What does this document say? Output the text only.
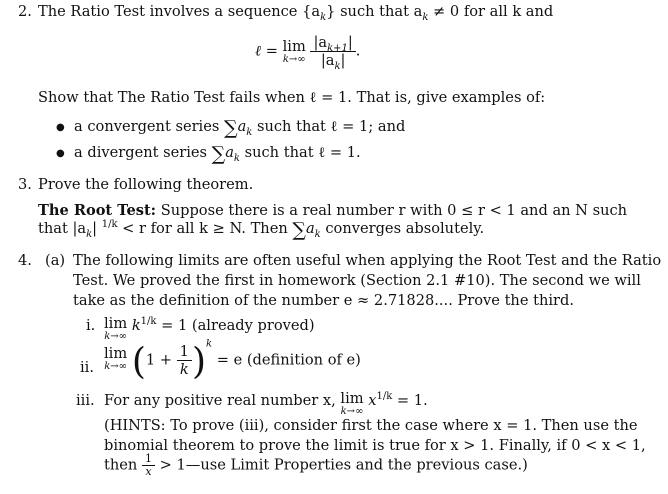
2. The Ratio Test involves a sequence $\{a_k\}$ such that $a_k \ne 0$ for all k and
ℓ = lim
k→∞
$\frac{|a_{k+1}|}{|a_k|}$ .
Show that The Ratio Test fails when ℓ = 1. That is, give examples of:
● a convergent series $\sum a_k$ such that ℓ = 1; and
● a divergent series $\sum a_k$ such that ℓ = 1.
3. Prove the following theorem.
The Root Test: Suppose there is a real number r with 0 ≤ r < 1 and an N such
that $|a_k|$ $^{1/k}$ < r for all k ≥ N. Then $\sum a_k$ converges absolutely.
4. (a) The following limits are often useful when applying the Root Test and the Ratio
Test. We proved the first in homework (Section 2.1 #10). The second we will
take as the definition of the number e ≈ 2.71828.... Prove the third.
i. lim
k→∞
$k^{1/k} = 1$ (already proved)
ii.
lim
k→∞ $(1 + \frac{1}{k} )^k = e$ (definition of e)
iii. For any positive real number x, lim
k→∞
$x^{1/k} = 1$.
(HINTS: To prove (iii), consider first the case where x = 1. Then use the
binomial theorem to prove the limit is true for x > 1. Finally, if 0 < x < 1,
then $\frac{1}{x}$ > 1—use Limit Properties and the previous case.)
